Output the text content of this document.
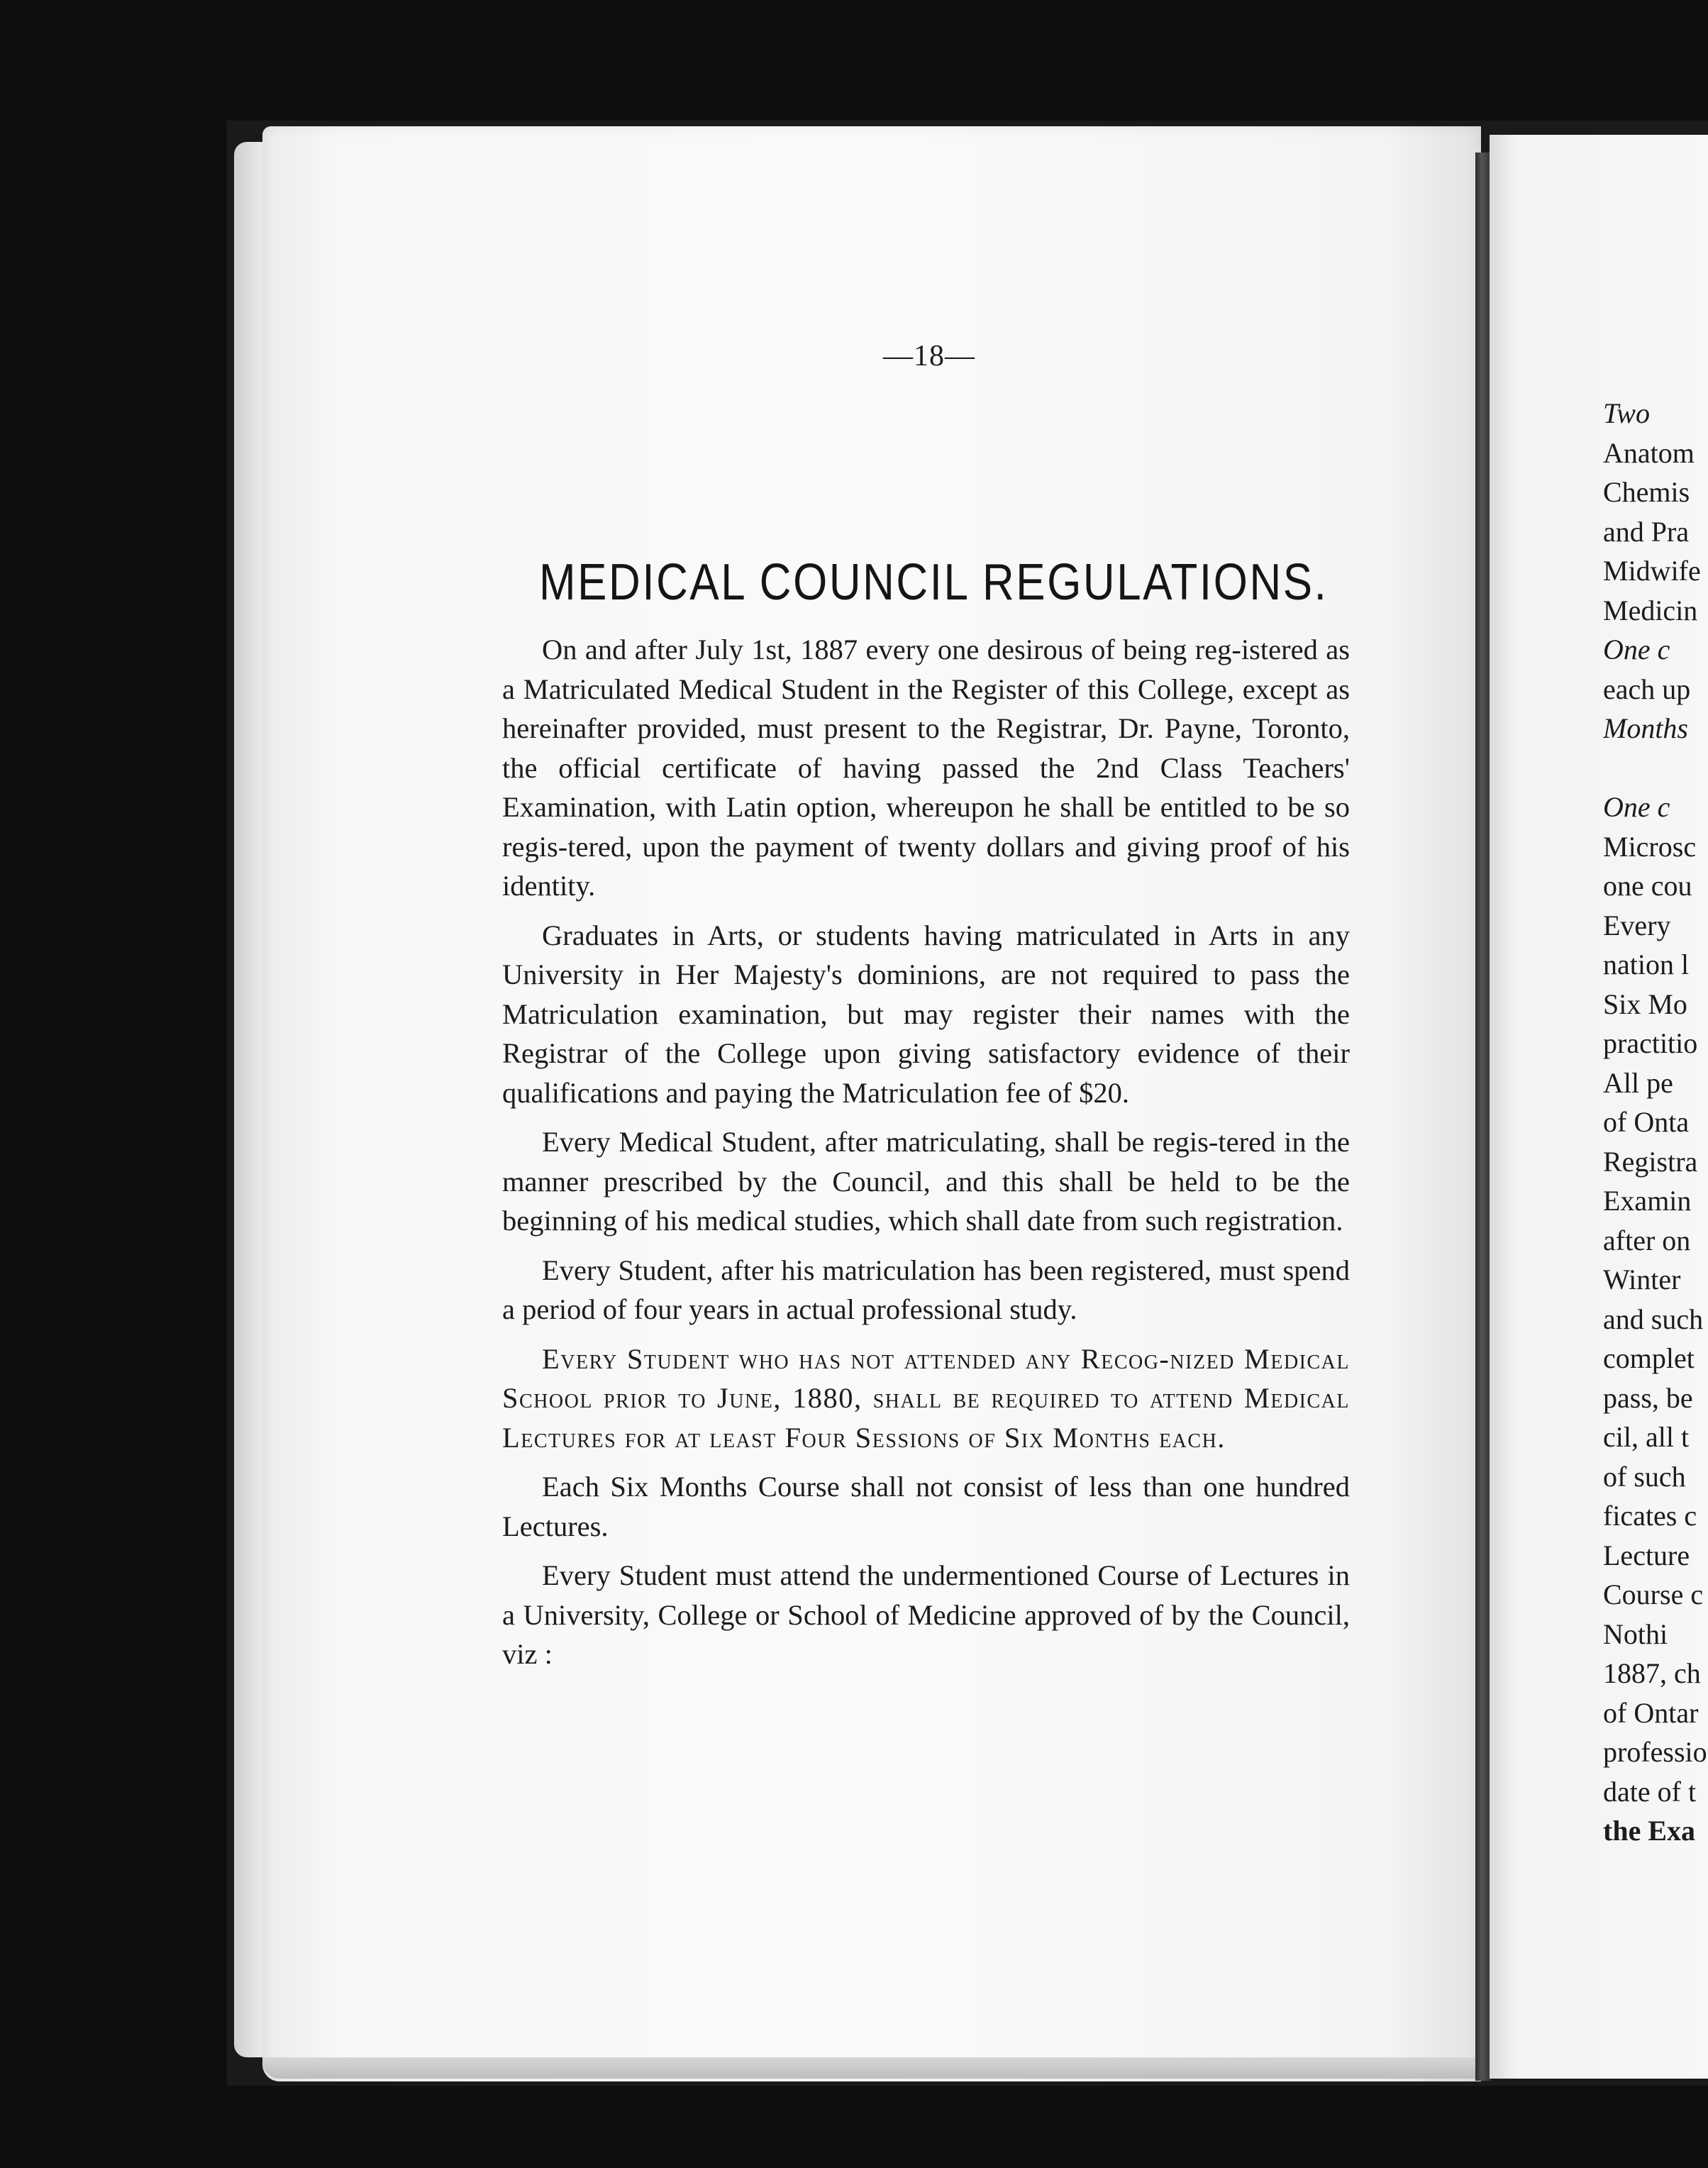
—18—
MEDICAL COUNCIL REGULATIONS.

On and after July 1st, 1887 every one desirous of being reg-istered as a Matriculated Medical Student in the Register of this College, except as hereinafter provided, must present to the Registrar, Dr. Payne, Toronto, the official certificate of having passed the 2nd Class Teachers' Examination, with Latin option, whereupon he shall be entitled to be so regis-tered, upon the payment of twenty dollars and giving proof of his identity.

Graduates in Arts, or students having matriculated in Arts in any University in Her Majesty's dominions, are not required to pass the Matriculation examination, but may register their names with the Registrar of the College upon giving satisfactory evidence of their qualifications and paying the Matriculation fee of $20.

Every Medical Student, after matriculating, shall be regis-tered in the manner prescribed by the Council, and this shall be held to be the beginning of his medical studies, which shall date from such registration.

Every Student, after his matriculation has been registered, must spend a period of four years in actual professional study.

Every Student who has not attended any Recog-nized Medical School prior to June, 1880, shall be required to attend Medical Lectures for at least Four Sessions of Six Months each.

Each Six Months Course shall not consist of less than one hundred Lectures.

Every Student must attend the undermentioned Course of Lectures in a University, College or School of Medicine approved of by the Council, viz :

Two
Anatom
Chemis
and Pra
Midwife
Medicin
One c
each up
Months
One c
Microsc
one cou
Every
nation l
Six Mo
practitio
All pe
of Onta
Registra
Examin
after on
Winter
and such
complet
pass, be
cil, all t
of such
ficates c
Lecture
Course c
Nothi
1887, ch
of Ontar
professio
date of t
the Exa
